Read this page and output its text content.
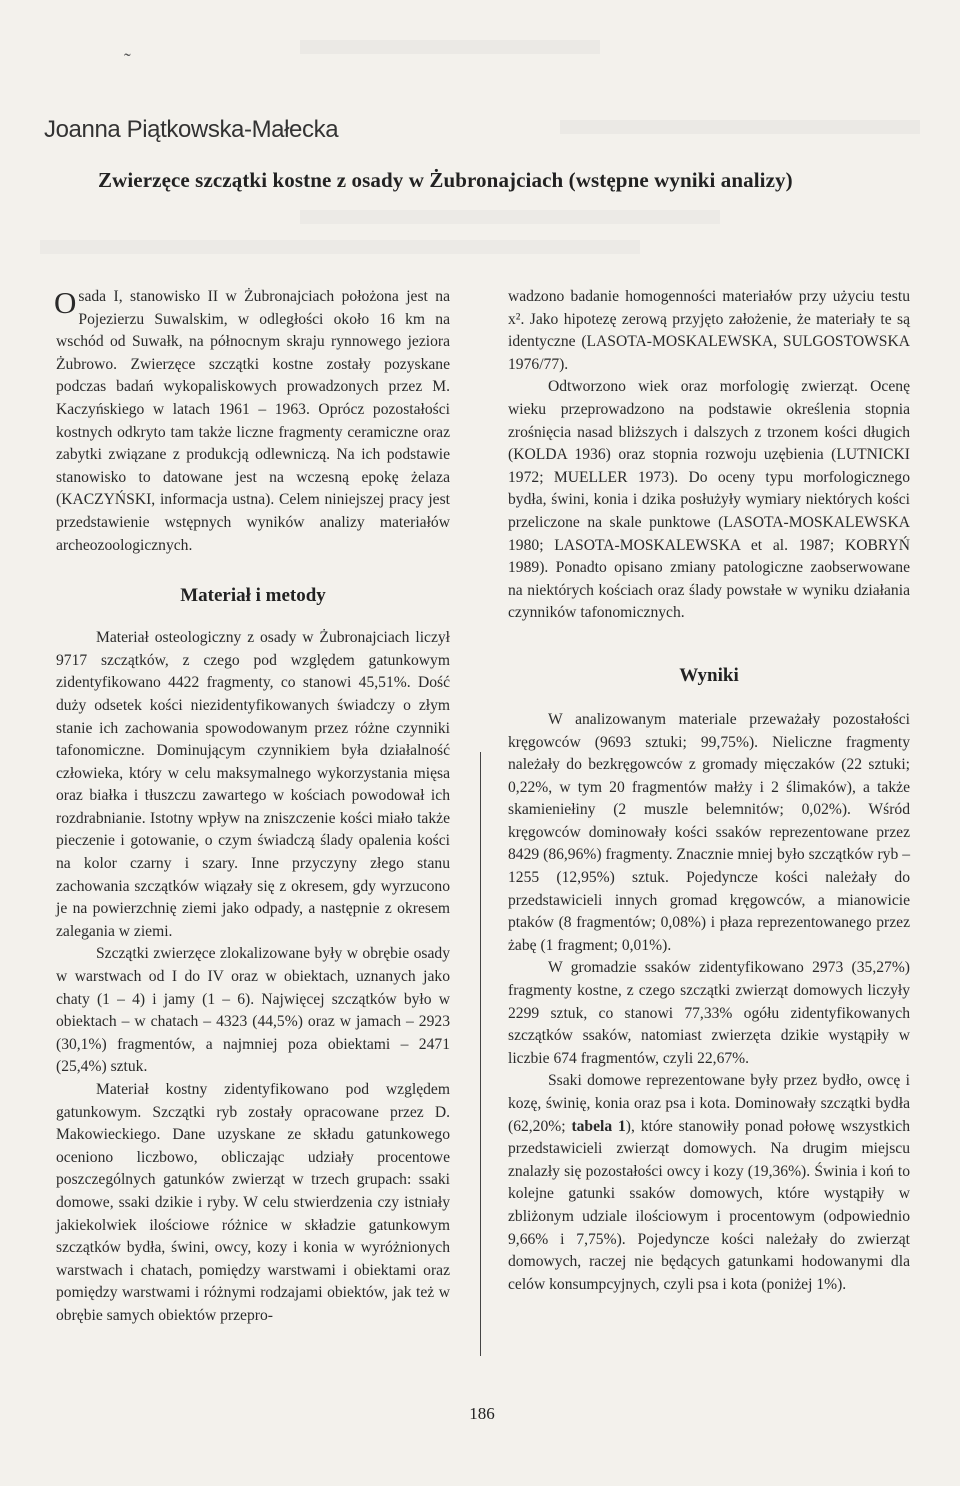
˜
Joanna Piątkowska-Małecka
Zwierzęce szczątki kostne z osady w Żubronajciach (wstępne wyniki analizy)

Osada I, stanowisko II w Żubronajciach położona jest na Pojezierzu Suwalskim, w odległości około 16 km na wschód od Suwałk, na północnym skraju rynnowego jeziora Żubrowo. Zwierzęce szczątki kostne zostały pozyskane podczas badań wykopaliskowych prowadzonych przez M. Kaczyńskiego w latach 1961 – 1963. Oprócz pozostałości kostnych odkryto tam także liczne fragmenty ceramiczne oraz zabytki związane z produkcją odlewniczą. Na ich podstawie stanowisko to datowane jest na wczesną epokę żelaza (KACZYŃSKI, informacja ustna). Celem niniejszej pracy jest przedstawienie wstępnych wyników analizy materiałów archeozoologicznych.

Materiał i metody

Materiał osteologiczny z osady w Żubronajciach liczył 9717 szczątków, z czego pod względem gatunkowym zidentyfikowano 4422 fragmenty, co stanowi 45,51%. Dość duży odsetek kości niezidentyfikowanych świadczy o złym stanie ich zachowania spowodowanym przez różne czynniki tafonomiczne. Dominującym czynnikiem była działalność człowieka, który w celu maksymalnego wykorzystania mięsa oraz białka i tłuszczu zawartego w kościach powodował ich rozdrabnianie. Istotny wpływ na zniszczenie kości miało także pieczenie i gotowanie, o czym świadczą ślady opalenia kości na kolor czarny i szary. Inne przyczyny złego stanu zachowania szczątków wiązały się z okresem, gdy wyrzucono je na powierzchnię ziemi jako odpady, a następnie z okresem zalegania w ziemi.

Szczątki zwierzęce zlokalizowane były w obrębie osady w warstwach od I do IV oraz w obiektach, uznanych jako chaty (1 – 4) i jamy (1 – 6). Najwięcej szczątków było w obiektach – w chatach – 4323 (44,5%) oraz w jamach – 2923 (30,1%) fragmentów, a najmniej poza obiektami – 2471 (25,4%) sztuk.

Materiał kostny zidentyfikowano pod względem gatunkowym. Szczątki ryb zostały opracowane przez D. Makowieckiego. Dane uzyskane ze składu gatunkowego oceniono liczbowo, obliczając udziały procentowe poszczególnych gatunków zwierząt w trzech grupach: ssaki domowe, ssaki dzikie i ryby. W celu stwierdzenia czy istniały jakiekolwiek ilościowe różnice w składzie gatunkowym szczątków bydła, świni, owcy, kozy i konia w wyróżnionych warstwach i chatach, pomiędzy warstwami i obiektami oraz pomiędzy warstwami i różnymi rodzajami obiektów, jak też w obrębie samych obiektów przepro-

wadzono badanie homogenności materiałów przy użyciu testu x². Jako hipotezę zerową przyjęto założenie, że materiały te są identyczne (LASOTA-MOSKALEWSKA, SULGOSTOWSKA 1976/77).

Odtworzono wiek oraz morfologię zwierząt. Ocenę wieku przeprowadzono na podstawie określenia stopnia zrośnięcia nasad bliższych i dalszych z trzonem kości długich (KOLDA 1936) oraz stopnia rozwoju uzębienia (LUTNICKI 1972; MUELLER 1973). Do oceny typu morfologicznego bydła, świni, konia i dzika posłużyły wymiary niektórych kości przeliczone na skale punktowe (LASOTA-MOSKALEWSKA 1980; LASOTA-MOSKALEWSKA et al. 1987; KOBRYŃ 1989). Ponadto opisano zmiany patologiczne zaobserwowane na niektórych kościach oraz ślady powstałe w wyniku działania czynników tafonomicznych.

Wyniki

W analizowanym materiale przeważały pozostałości kręgowców (9693 sztuki; 99,75%). Nieliczne fragmenty należały do bezkręgowców z gromady mięczaków (22 sztuki; 0,22%, w tym 20 fragmentów małży i 2 ślimaków), a także skamieniełiny (2 muszle belemnitów; 0,02%). Wśród kręgowców dominowały kości ssaków reprezentowane przez 8429 (86,96%) fragmenty. Znacznie mniej było szczątków ryb – 1255 (12,95%) sztuk. Pojedyncze kości należały do przedstawicieli innych gromad kręgowców, a mianowicie ptaków (8 fragmentów; 0,08%) i płaza reprezentowanego przez żabę (1 fragment; 0,01%).

W gromadzie ssaków zidentyfikowano 2973 (35,27%) fragmenty kostne, z czego szczątki zwierząt domowych liczyły 2299 sztuk, co stanowi 77,33% ogółu zidentyfikowanych szczątków ssaków, natomiast zwierzęta dzikie wystąpiły w liczbie 674 fragmentów, czyli 22,67%.

Ssaki domowe reprezentowane były przez bydło, owcę i kozę, świnię, konia oraz psa i kota. Dominowały szczątki bydła (62,20%; tabela 1), które stanowiły ponad połowę wszystkich przedstawicieli zwierząt domowych. Na drugim miejscu znalazły się pozostałości owcy i kozy (19,36%). Świnia i koń to kolejne gatunki ssaków domowych, które wystąpiły w zbliżonym udziale ilościowym i procentowym (odpowiednio 9,66% i 7,75%). Pojedyncze kości należały do zwierząt domowych, raczej nie będących gatunkami hodowanymi dla celów konsumpcyjnych, czyli psa i kota (poniżej 1%).

186
